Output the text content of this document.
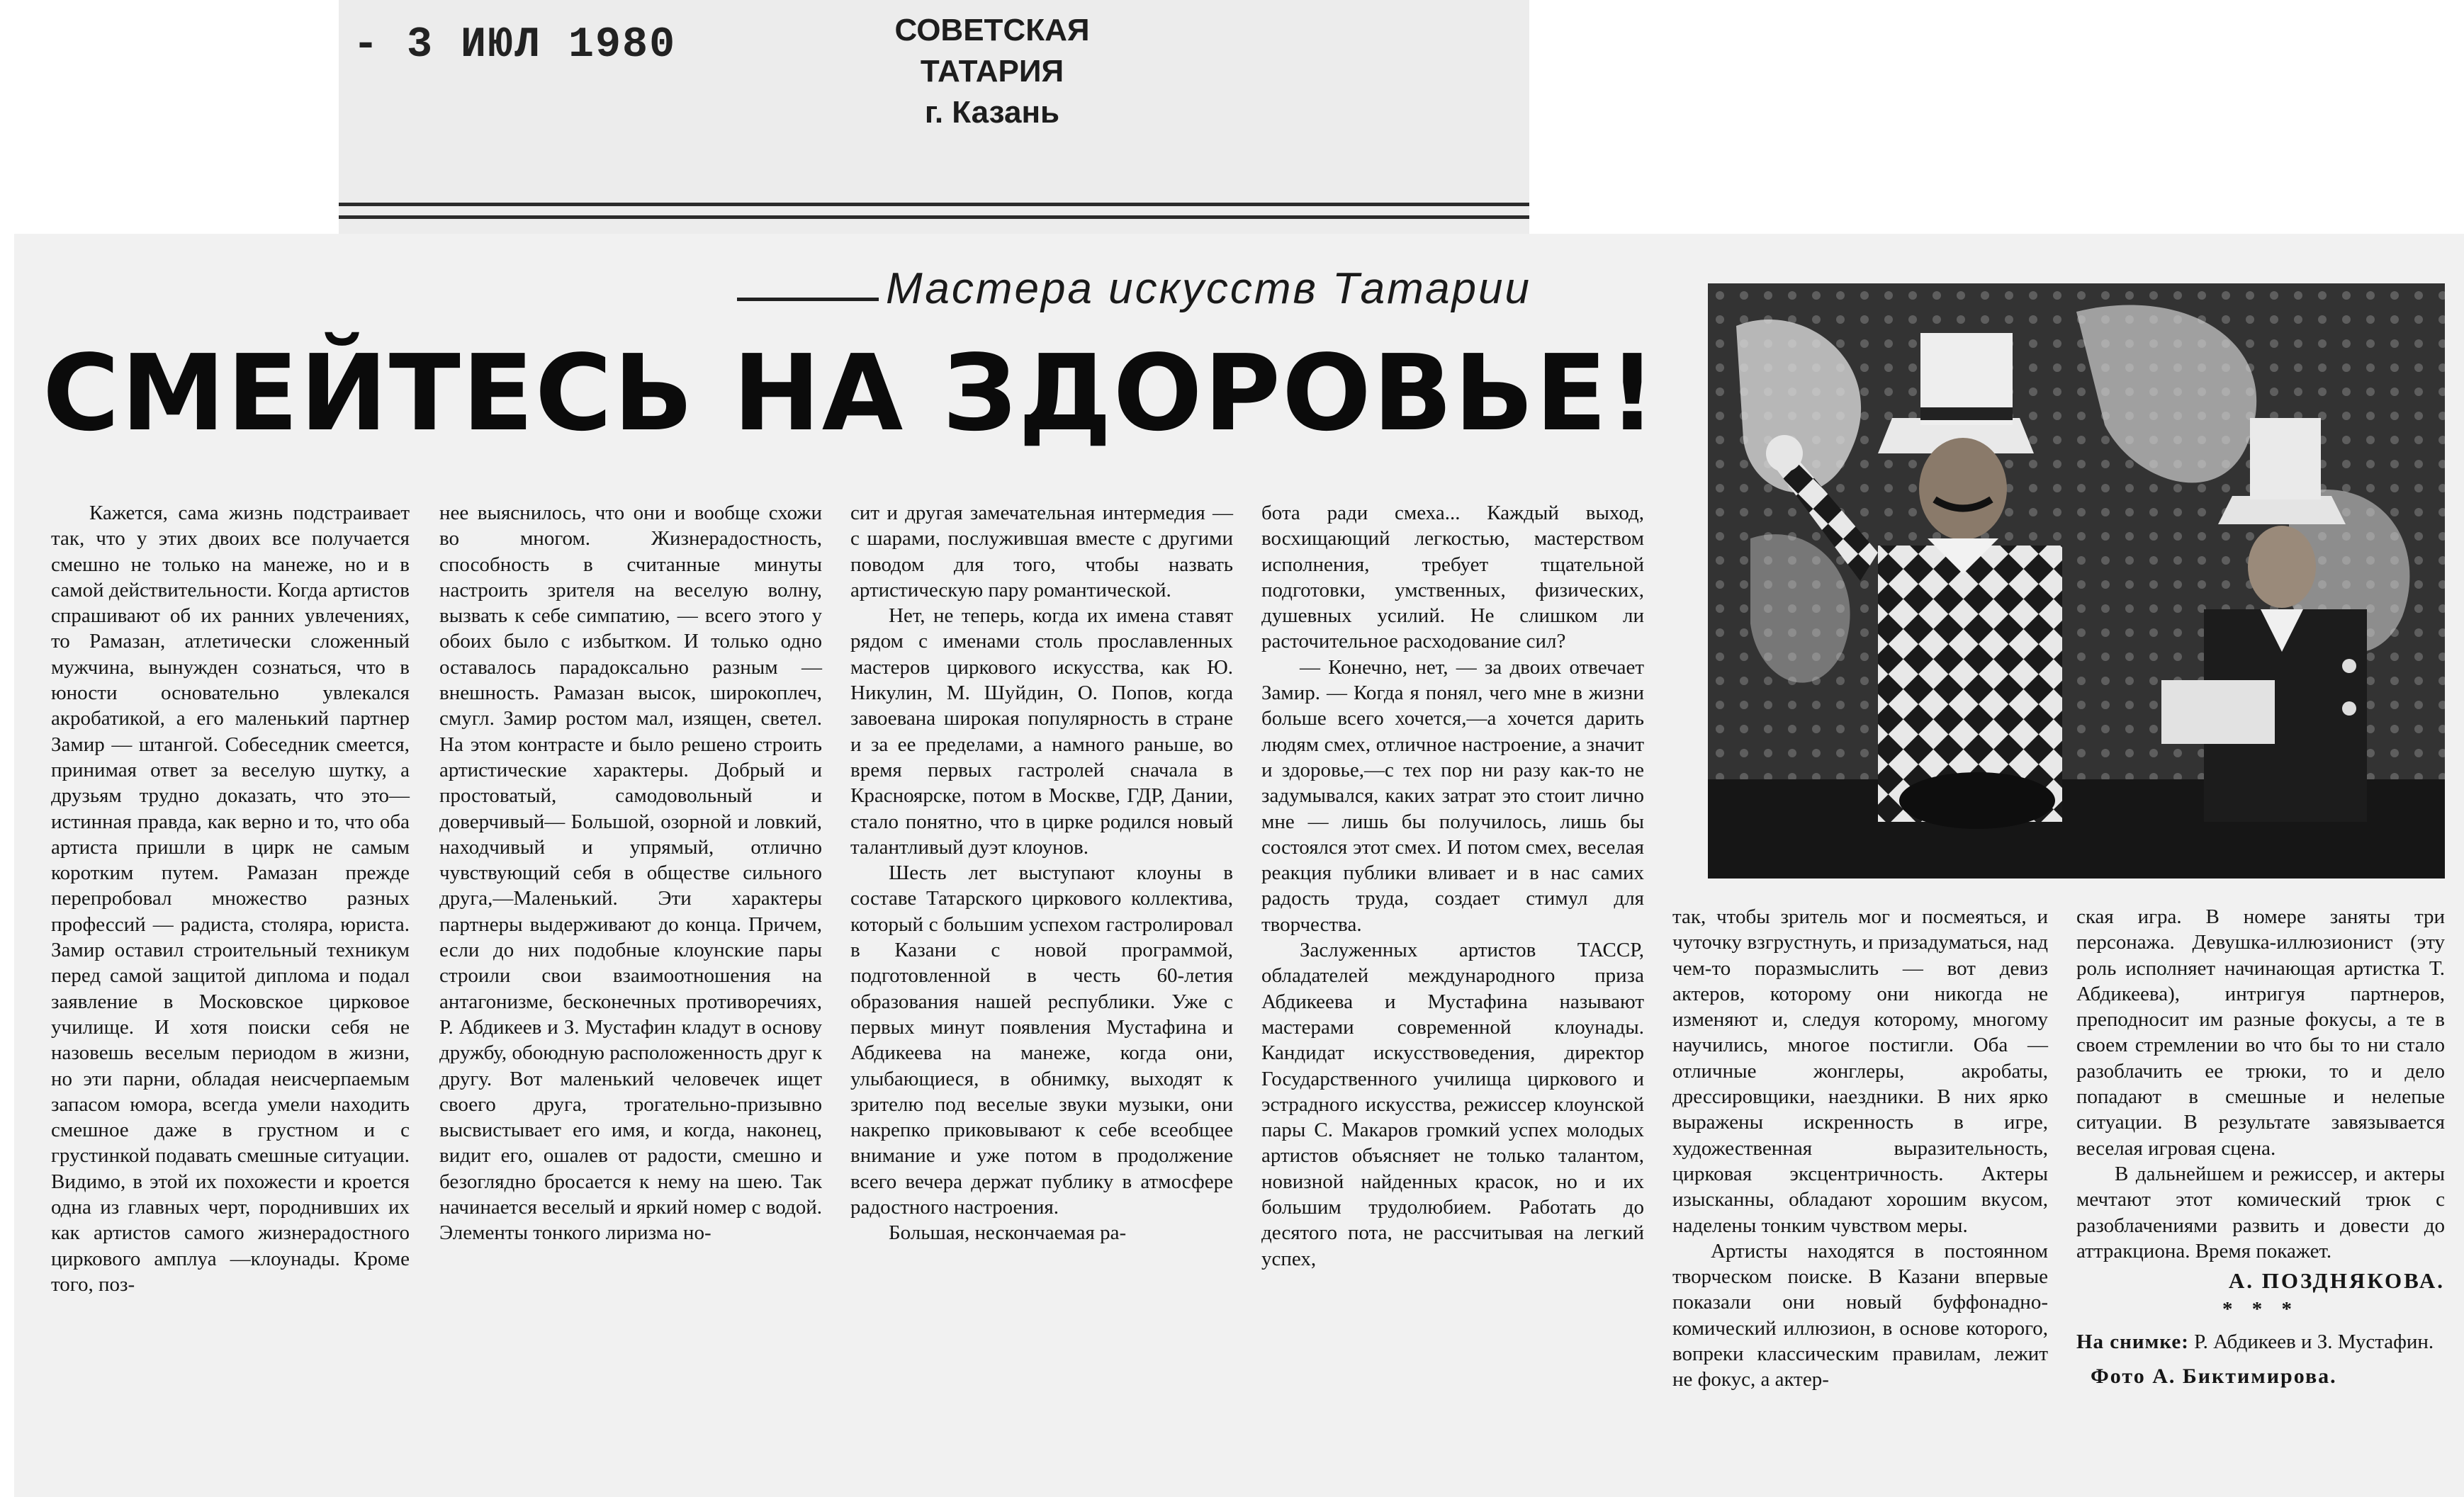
- 3 ИЮЛ 1980	СОВЕТСКАЯ ТАТАРИЯ
г. Казань
Мастера искусств Татарии
СМЕЙТЕСЬ НА ЗДОРОВЬЕ!

Кажется, сама жизнь подстраивает так, что у этих двоих все получается смешно не только на манеже, но и в самой действительности. Когда артистов спрашивают об их ранних увлечениях, то Рамазан, атлетически сложенный мужчина, вынужден сознаться, что в юности основательно увлекался акробатикой, а его маленький партнер Замир — штангой. Собеседник смеется, принимая ответ за веселую шутку, а друзьям трудно доказать, что это—истинная правда, как верно и то, что оба артиста пришли в цирк не самым коротким путем. Рамазан прежде перепробовал множество разных профессий — радиста, столяра, юриста. Замир оставил строительный техникум перед самой защитой диплома и подал заявление в Московское цирковое училище. И хотя поиски себя не назовешь веселым периодом в жизни, но эти парни, обладая неисчерпаемым запасом юмора, всегда умели находить смешное даже в грустном и с грустинкой подавать смешные ситуации. Видимо, в этой их похожести и кроется одна из главных черт, породнивших их как артистов самого жизнерадостного циркового амплуа —клоунады. Кроме того, поз-

нее выяснилось, что они и вообще схожи во многом. Жизнерадостность, способность в считанные минуты настроить зрителя на веселую волну, вызвать к себе симпатию, — всего этого у обоих было с избытком. И только одно оставалось парадоксально разным — внешность. Рамазан высок, широкоплеч, смугл. Замир ростом мал, изящен, светел. На этом контрасте и было решено строить артистические характеры. Добрый и простоватый, самодовольный и доверчивый— Большой, озорной и ловкий, находчивый и упрямый, отлично чувствующий себя в обществе сильного друга,—Маленький. Эти характеры партнеры выдерживают до конца. Причем, если до них подобные клоунские пары строили свои взаимоотношения на антагонизме, бесконечных противоречиях, Р. Абдикеев и З. Мустафин кладут в основу дружбу, обоюдную расположенность друг к другу. Вот маленький человечек ищет своего друга, трогательно-призывно высвистывает его имя, и когда, наконец, видит его, ошалев от радости, смешно и безоглядно бросается к нему на шею. Так начинается веселый и яркий номер с водой. Элементы тонкого лиризма но-

сит и другая замечательная интермедия — с шарами, послужившая вместе с другими поводом для того, чтобы назвать артистическую пару романтической.

Нет, не теперь, когда их имена ставят рядом с именами столь прославленных мастеров циркового искусства, как Ю. Никулин, М. Шуйдин, О. Попов, когда завоевана широкая популярность в стране и за ее пределами, а намного раньше, во время первых гастролей сначала в Красноярске, потом в Москве, ГДР, Дании, стало понятно, что в цирке родился новый талантливый дуэт клоунов.

Шесть лет выступают клоуны в составе Татарского циркового коллектива, который с большим успехом гастролировал в Казани с новой программой, подготовленной в честь 60-летия образования нашей республики. Уже с первых минут появления Мустафина и Абдикеева на манеже, когда они, улыбающиеся, в обнимку, выходят к зрителю под веселые звуки музыки, они накрепко приковывают к себе всеобщее внимание и уже потом в продолжение всего вечера держат публику в атмосфере радостного настроения.

Большая, нескончаемая ра-

бота ради смеха... Каждый выход, восхищающий легкостью, мастерством исполнения, требует тщательной подготовки, умственных, физических, душевных усилий. Не слишком ли расточительное расходование сил?

— Конечно, нет, — за двоих отвечает Замир. — Когда я понял, чего мне в жизни больше всего хочется,—а хочется дарить людям смех, отличное настроение, а значит и здоровье,—с тех пор ни разу как-то не задумывался, каких затрат это стоит лично мне — лишь бы получилось, лишь бы состоялся этот смех. И потом смех, веселая реакция публики вливает и в нас самих радость труда, создает стимул для творчества.

Заслуженных артистов ТАССР, обладателей международного приза Абдикеева и Мустафина называют мастерами современной клоунады. Кандидат искусствоведения, директор Государственного училища циркового и эстрадного искусства, режиссер клоунской пары С. Макаров громкий успех молодых артистов объясняет не только талантом, новизной найденных красок, но и их большим трудолюбием. Работать до десятого пота, не рассчитывая на легкий успех,

так, чтобы зритель мог и посмеяться, и чуточку взгрустнуть, и призадуматься, над чем-то поразмыслить — вот девиз актеров, которому они никогда не изменяют и, следуя которому, многому научились, многое постигли. Оба — отличные жонглеры, акробаты, дрессировщики, наездники. В них ярко выражены искренность в игре, художественная выразительность, цирковая эксцентричность. Актеры изысканны, обладают хорошим вкусом, наделены тонким чувством меры.

Артисты находятся в постоянном творческом поиске. В Казани впервые показали они новый буффонадно-комический иллюзион, в основе которого, вопреки классическим правилам, лежит не фокус, а актер-

ская игра. В номере заняты три персонажа. Девушка-иллюзионист (эту роль исполняет начинающая артистка Т. Абдикеева), интригуя партнеров, преподносит им разные фокусы, а те в своем стремлении во что бы то ни стало разоблачить ее трюки, то и дело попадают в смешные и нелепые ситуации. В результате завязывается веселая игровая сцена.

В дальнейшем и режиссер, и актеры мечтают этот комический трюк с разоблачениями развить и довести до аттракциона. Время покажет.

А. ПОЗДНЯКОВА.
* * *
На снимке: Р. Абдикеев и З. Мустафин.
Фото А. Биктимирова.
